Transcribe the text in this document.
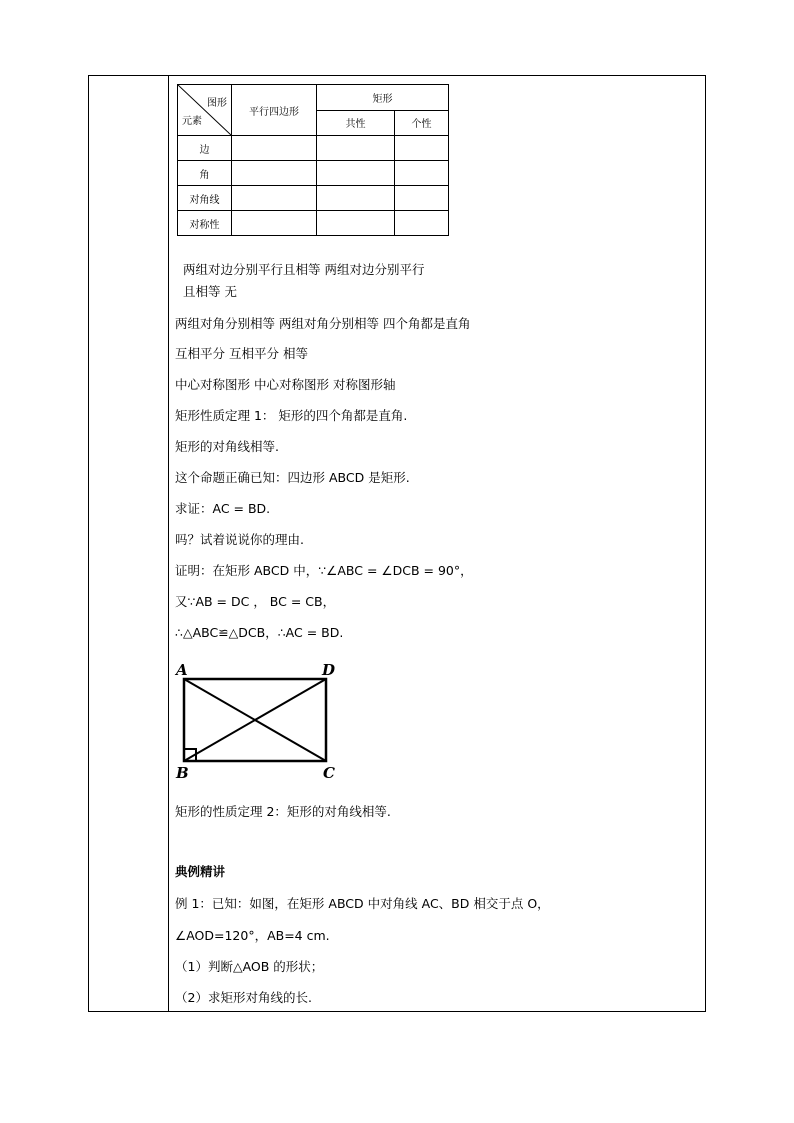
图形
元素	平行四边形	矩形	
		共性	个性
边			
角			
对角线			
对称性			
两组对边分别平行且相等 两组对边分别平行
且相等 无
两组对角分别相等 两组对角分别相等 四个角都是直角
互相平分 互相平分 相等
中心对称图形 中心对称图形 对称图形轴
矩形性质定理 1： 矩形的四个角都是直角.
矩形的对角线相等.
这个命题正确已知：四边形 ABCD 是矩形.
求证：AC = BD.
吗？试着说说你的理由.
证明：在矩形 ABCD 中，∵∠ABC = ∠DCB = 90°，
又∵AB = DC ， BC = CB，
∴△ABC≌△DCB，∴AC = BD.
A	D
B	C
矩形的性质定理 2：矩形的对角线相等.
典例精讲
例 1：已知：如图，在矩形 ABCD 中对角线 AC、BD 相交于点 O，
∠AOD=120°，AB=4 cm.
（1）判断△AOB 的形状；
（2）求矩形对角线的长.
